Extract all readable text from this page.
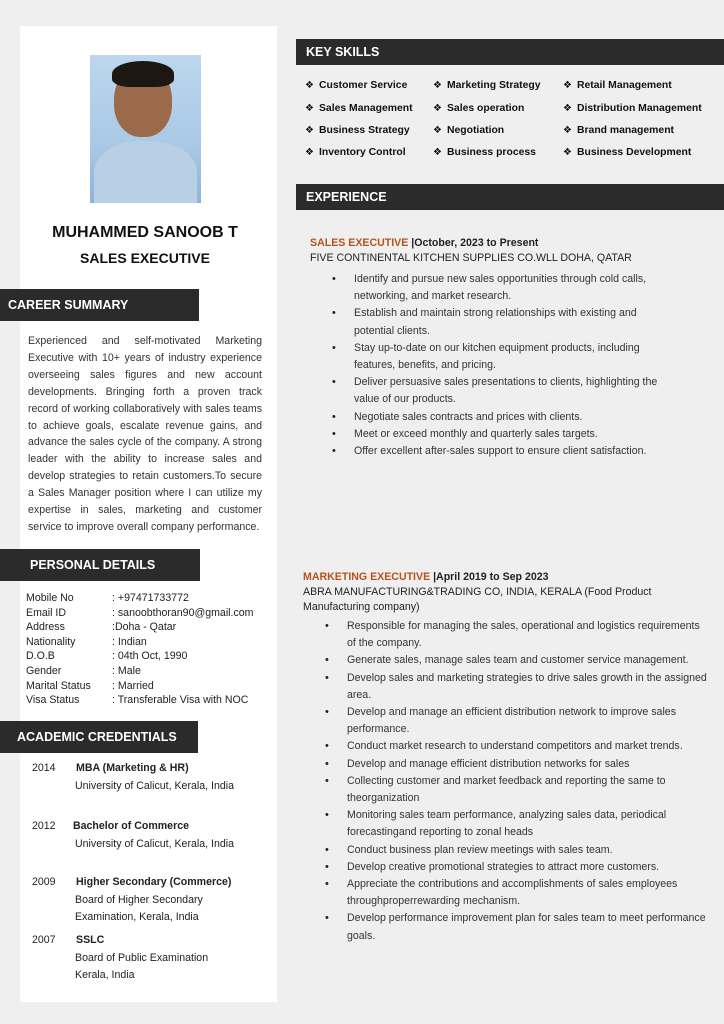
MUHAMMED SANOOB T
SALES EXECUTIVE
CAREER SUMMARY
Experienced and self-motivated Marketing Executive with 10+ years of industry experience overseeing sales figures and new account developments. Bringing forth a proven track record of working collaboratively with sales teams to achieve goals, escalate revenue gains, and advance the sales cycle of the company. A strong leader with the ability to increase sales and develop strategies to retain customers.To secure a Sales Manager position where I can utilize my expertise in sales, marketing and customer service to improve overall company performance.
PERSONAL DETAILS
Mobile No	: +97471733772
Email ID	: sanoobthoran90@gmail.com
Address	:Doha - Qatar
Nationality	: Indian
D.O.B	: 04th Oct, 1990
Gender	: Male
Marital Status : Married
Visa Status	: Transferable Visa with NOC
ACADEMIC CREDENTIALS
2014 MBA (Marketing & HR)
University of Calicut, Kerala, India
2012 Bachelor of Commerce
University of Calicut, Kerala, India
2009 Higher Secondary (Commerce)
Board of Higher Secondary Examination, Kerala, India
2007 SSLC
Board of Public Examination Kerala, India
KEY SKILLS
❖ Customer Service	❖ Marketing Strategy ❖ Retail Management
❖ Sales Management ❖ Sales operation	❖ Distribution Management
❖ Business Strategy ❖ Negotiation	❖ Brand management
❖ Inventory Control	❖ Business process	❖ Business Development
EXPERIENCE
SALES EXECUTIVE |October, 2023 to Present
FIVE CONTINENTAL KITCHEN SUPPLIES CO.WLL DOHA, QATAR
• Identify and pursue new sales opportunities through cold calls, networking, and market research.
• Establish and maintain strong relationships with existing and potential clients.
• Stay up-to-date on our kitchen equipment products, including features, benefits, and pricing.
• Deliver persuasive sales presentations to clients, highlighting the value of our products.
• Negotiate sales contracts and prices with clients.
• Meet or exceed monthly and quarterly sales targets.
• Offer excellent after-sales support to ensure client satisfaction.
MARKETING EXECUTIVE |April 2019 to Sep 2023
ABRA MANUFACTURING&TRADING CO, INDIA, KERALA (Food Product Manufacturing company)
• Responsible for managing the sales, operational and logistics requirements of the company.
• Generate sales, manage sales team and customer service management.
• Develop sales and marketing strategies to drive sales growth in the assigned area.
• Develop and manage an efficient distribution network to improve sales performance.
• Conduct market research to understand competitors and market trends.
• Develop and manage efficient distribution networks for sales
• Collecting customer and market feedback and reporting the same to theorganization
• Monitoring sales team performance, analyzing sales data, periodical forecastingand reporting to zonal heads
• Conduct business plan review meetings with sales team.
• Develop creative promotional strategies to attract more customers.
• Appreciate the contributions and accomplishments of sales employees throughproperrewarding mechanism.
• Develop performance improvement plan for sales team to meet performance goals.
